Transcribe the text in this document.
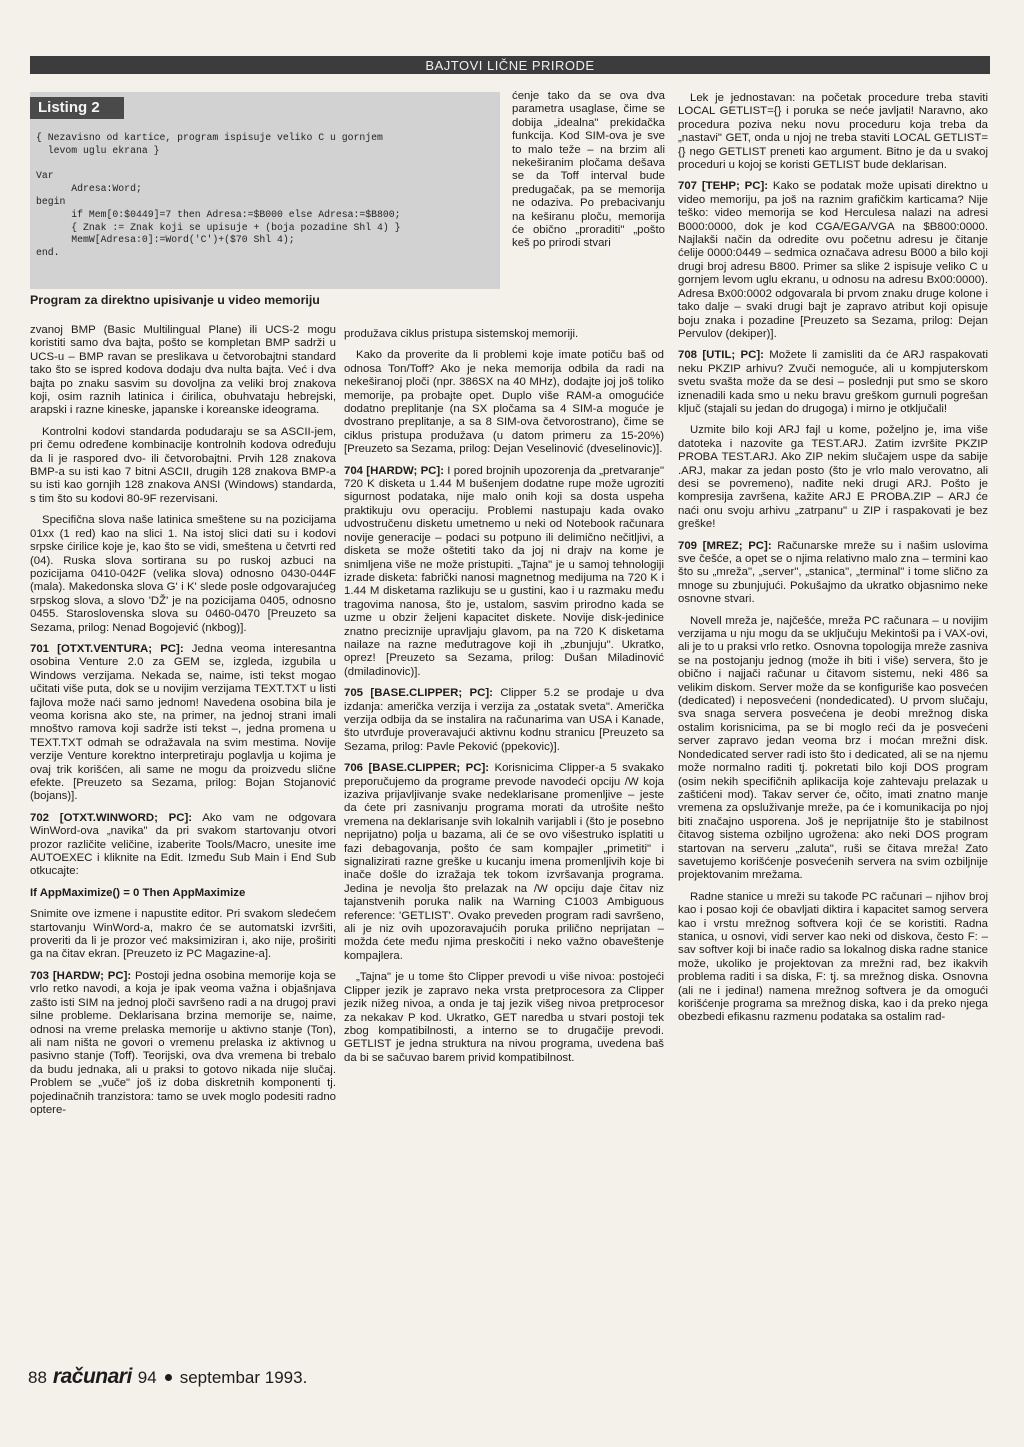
BAJTOVI LIČNE PRIRODE
{ Nezavisno od kartice, program ispisuje veliko C u gornjem
levom uglu ekrana }

Var
Adresa:Word;
begin
if Mem[0:$0449]=7 then Adresa:=$B000 else Adresa:=$B800;
{ Znak := Znak koji se upisuje + (boja pozadine Shl 4) }
MemW[Adresa:0]:=Word('C')+($70 Shl 4);
end.
Listing 2
Program za direktno upisivanje u video memoriju

ćenje tako da se ova dva parametra usaglase, čime se dobija „idealna" prekidačka funkcija. Kod SIM-ova je sve to malo teže – na brzim ali nekeširanim pločama dešava se da Toff interval bude predugačak, pa se memorija ne odaziva. Po prebacivanju na keširanu ploču, memorija će obično „proraditi" „pošto keš po prirodi stvari

zvanoj BMP (Basic Multilingual Plane) ili UCS-2 mogu koristiti samo dva bajta, pošto se kompletan BMP sadrži u UCS-u – BMP ravan se preslikava u četvorobajtni standard tako što se ispred kodova dodaju dva nulta bajta. Već i dva bajta po znaku sasvim su dovoljna za veliki broj znakova koji, osim raznih latinica i ćirilica, obuhvataju hebrejski, arapski i razne kineske, japanske i koreanske ideograma.

Kontrolni kodovi standarda podudaraju se sa ASCII-jem, pri čemu određene kombinacije kontrolnih kodova određuju da li je raspored dvo- ili četvorobajtni. Prvih 128 znakova BMP-a su isti kao 7 bitni ASCII, drugih 128 znakova BMP-a su isti kao gornjih 128 znakova ANSI (Windows) standarda, s tim što su kodovi 80-9F rezervisani.

Specifična slova naše latinica smeštene su na pozicijama 01xx (1 red) kao na slici 1. Na istoj slici dati su i kodovi srpske ćirilice koje je, kao što se vidi, smeštena u četvrti red (04). Ruska slova sortirana su po ruskoj azbuci na pozicijama 0410-042F (velika slova) odnosno 0430-044F (mala). Makedonska slova G' i K' slede posle odgovarajućeg srpskog slova, a slovo 'DŽ' je na pozicijama 0405, odnosno 0455. Staroslovenska slova su 0460-0470 [Preuzeto sa Sezama, prilog: Nenad Bogojević (nkbog)].

701 [OTXT.VENTURA; PC]: Jedna veoma interesantna osobina Venture 2.0 za GEM se, izgleda, izgubila u Windows verzijama. Nekada se, naime, isti tekst mogao učitati više puta, dok se u novijim verzijama TEXT.TXT u listi fajlova može naći samo jednom! Navedena osobina bila je veoma korisna ako ste, na primer, na jednoj strani imali mnoštvo ramova koji sadrže isti tekst –, jedna promena u TEXT.TXT odmah se odražavala na svim mestima. Novije verzije Venture korektno interpretiraju poglavlja u kojima je ovaj trik korišćen, ali same ne mogu da proizvedu slične efekte. [Preuzeto sa Sezama, prilog: Bojan Stojanović (bojans)].

702 [OTXT.WINWORD; PC]: Ako vam ne odgovara WinWord-ova „navika" da pri svakom startovanju otvori prozor različite veličine, izaberite Tools/Macro, unesite ime AUTOEXEC i kliknite na Edit. Između Sub Main i End Sub otkucajte:

If AppMaximize() = 0 Then AppMaximize

Snimite ove izmene i napustite editor. Pri svakom sledećem startovanju WinWord-a, makro će se automatski izvršiti, proveriti da li je prozor već maksimiziran i, ako nije, proširiti ga na čitav ekran. [Preuzeto iz PC Magazine-a].

703 [HARDW; PC]: Postoji jedna osobina memorije koja se vrlo retko navodi, a koja je ipak veoma važna i objašnjava zašto isti SIM na jednoj ploči savršeno radi a na drugoj pravi silne probleme. Deklarisana brzina memorije se, naime, odnosi na vreme prelaska memorije u aktivno stanje (Ton), ali nam ništa ne govori o vremenu prelaska iz aktivnog u pasivno stanje (Toff). Teorijski, ova dva vremena bi trebalo da budu jednaka, ali u praksi to gotovo nikada nije slučaj. Problem se „vuče" još iz doba diskretnih komponenti tj. pojedinačnih tranzistora: tamo se uvek moglo podesiti radno optere-

produžava ciklus pristupa sistemskoj memoriji.

Kako da proverite da li problemi koje imate potiču baš od odnosa Ton/Toff? Ako je neka memorija odbila da radi na nekeširanoj ploči (npr. 386SX na 40 MHz), dodajte joj još toliko memorije, pa probajte opet. Duplo više RAM-a omogućiće dodatno preplitanje (na SX pločama sa 4 SIM-a moguće je dvostrano preplitanje, a sa 8 SIM-ova četvorostrano), čime se ciklus pristupa produžava (u datom primeru za 15-20%) [Preuzeto sa Sezama, prilog: Dejan Veselinović (dveselinovic)].

704 [HARDW; PC]: I pored brojnih upozorenja da „pretvaranje" 720 K disketa u 1.44 M bušenjem dodatne rupe može ugroziti sigurnost podataka, nije malo onih koji sa dosta uspeha praktikuju ovu operaciju. Problemi nastupaju kada ovako udvostručenu disketu umetnemo u neki od Notebook računara novije generacije – podaci su potpuno ili delimično nečitljivi, a disketa se može oštetiti tako da joj ni drajv na kome je snimljena više ne može pristupiti. „Tajna" je u samoj tehnologiji izrade disketa: fabrički nanosi magnetnog medijuma na 720 K i 1.44 M disketama razlikuju se u gustini, kao i u razmaku među tragovima nanosa, što je, ustalom, sasvim prirodno kada se uzme u obzir željeni kapacitet diskete. Novije disk-jedinice znatno preciznije upravljaju glavom, pa na 720 K disketama nailaze na razne međutragove koji ih „zbunjuju". Ukratko, oprez! [Preuzeto sa Sezama, prilog: Dušan Miladinović (dmiladinovic)].

705 [BASE.CLIPPER; PC]: Clipper 5.2 se prodaje u dva izdanja: američka verzija i verzija za „ostatak sveta". Američka verzija odbija da se instalira na računarima van USA i Kanade, što utvrđuje proveravajući aktivnu kodnu stranicu [Preuzeto sa Sezama, prilog: Pavle Peković (ppekovic)].

706 [BASE.CLIPPER; PC]: Korisnicima Clipper-a 5 svakako preporučujemo da programe prevode navodeći opciju /W koja izaziva prijavljivanje svake nedeklarisane promenljive – jeste da ćete pri zasnivanju programa morati da utrošite nešto vremena na deklarisanje svih lokalnih varijabli i (što je posebno nepriјatno) polja u bazama, ali će se ovo višestruko isplatiti u fazi debagovanja, pošto će sam kompajler „primetiti" i signalizirati razne greške u kucanju imena promenljivih koje bi inače došle do izražaja tek tokom izvršavanja programa. Jedina je nevolja što prelazak na /W opciju daje čitav niz tajanstvenih poruka nalik na Warning C1003 Ambiguous reference: 'GETLIST'. Ovako preveden program radi savršeno, ali je niz ovih upozoravajućih poruka prilično neprijatan – možda ćete među njima preskočiti i neko važno obaveštenje kompajlera.

„Tajna" je u tome što Clipper prevodi u više nivoa: postojeći Clipper jezik je zapravo neka vrsta pretprocesora za Clipper jezik nižeg nivoa, a onda je taj jezik višeg nivoa pretprocesor za nekakav P kod. Ukratko, GET naredba u stvari postoji tek zbog kompatibilnosti, a interno se to drugačije prevodi. GETLIST je jedna struktura na nivou programa, uvedena baš da bi se sačuvao barem privid kompatibilnost.

Lek je jednostavan: na početak procedure treba staviti LOCAL GETLIST={} i poruka se neće javljati! Naravno, ako procedura poziva neku novu proceduru koja treba da „nastavi" GET, onda u njoj ne treba staviti LOCAL GETLIST={} nego GETLIST preneti kao argument. Bitno je da u svakoj proceduri u kojoj se koristi GETLIST bude deklarisan.

707 [TEHP; PC]: Kako se podatak može upisati direktno u video memoriju, pa još na raznim grafičkim karticama? Nije teško: video memorija se kod Herculesa nalazi na adresi B000:0000, dok je kod CGA/EGA/VGA na $B800:0000. Najlakši način da odredite ovu početnu adresu je čitanje ćelije 0000:0449 – sedmica označava adresu B000 a bilo koji drugi broj adresu B800. Primer sa slike 2 ispisuje veliko C u gornjem levom uglu ekranu, u odnosu na adresu Bx00:0000). Adresa Bx00:0002 odgovarala bi prvom znaku druge kolone i tako dalje – svaki drugi bajt je zapravo atribut koji opisuje boju znaka i pozadine [Preuzeto sa Sezama, prilog: Dejan Pervulov (dekiper)].

708 [UTIL; PC]: Možete li zamisliti da će ARJ raspakovati neku PKZIP arhivu? Zvuči nemoguće, ali u kompjuterskom svetu svašta može da se desi – poslednji put smo se skoro iznenadili kada smo u neku bravu greškom gurnuli pogrešan ključ (stajali su jedan do drugoga) i mirno je otključali!

Uzmite bilo koji ARJ fajl u kome, poželjno je, ima više datoteka i nazovite ga TEST.ARJ. Zatim izvršite PKZIP PROBA TEST.ARJ. Ako ZIP nekim slučajem uspe da sabije .ARJ, makar za jedan posto (što je vrlo malo verovatno, ali desi se povremeno), nađite neki drugi ARJ. Pošto je kompresija završena, kažite ARJ E PROBA.ZIP – ARJ će naći onu svoju arhivu „zatrpanu" u ZIP i raspakovati je bez greške!

709 [MREZ; PC]: Računarske mreže su i našim uslovima sve češće, a opet se o njima relativno malo zna – termini kao što su „mreža", „server", „stanica", „terminal" i tome slično za mnoge su zbunjujući. Pokušajmo da ukratko objasnimo neke osnovne stvari.

Novell mreža je, najčešće, mreža PC računara – u novijim verzijama u nju mogu da se uključuju Mekintoši pa i VAX-ovi, ali je to u praksi vrlo retko. Osnovna topologija mreže zasniva se na postojanju jednog (može ih biti i više) servera, što je obično i najjači računar u čitavom sistemu, neki 486 sa velikim diskom. Server može da se konfiguriše kao posvećen (dedicated) i neposvećeni (nondedicated). U prvom slučaju, sva snaga servera posvećena je deobi mrežnog diska ostalim korisnicima, pa se bi moglo reći da je posvećeni server zapravo jedan veoma brz i moćan mrežni disk. Nondedicated server radi isto što i dedicated, ali se na njemu može normalno raditi tj. pokretati bilo koji DOS program (osim nekih specifičnih aplikacija koje zahtevaju prelazak u zaštićeni mod). Takav server će, očito, imati znatno manje vremena za opsluživanje mreže, pa će i komunikacija po njoj biti značajno usporena. Još je neprijatnije što je stabilnost čitavog sistema ozbiljno ugrožena: ako neki DOS program startovan na serveru „zaluta", ruši se čitava mreža! Zato savetujemo korišćenje posvećenih servera na svim ozbiljnije projektovanim mrežama.

Radne stanice u mreži su takođe PC računari – njihov broj kao i posao koji će obavljati diktira i kapacitet samog servera kao i vrstu mrežnog softvera koji će se koristiti. Radna stanica, u osnovi, vidi server kao neki od diskova, često F: – sav softver koji bi inače radio sa lokalnog diska radne stanice može, ukoliko je projektovan za mrežni rad, bez ikakvih problema raditi i sa diska, F: tj. sa mrežnog diska. Osnovna (ali ne i jedina!) namena mrežnog softvera je da omogući korišćenje programa sa mrežnog diska, kao i da preko njega obezbedi efikasnu razmenu podataka sa ostalim rad-

88 računari 94 septembar 1993.
